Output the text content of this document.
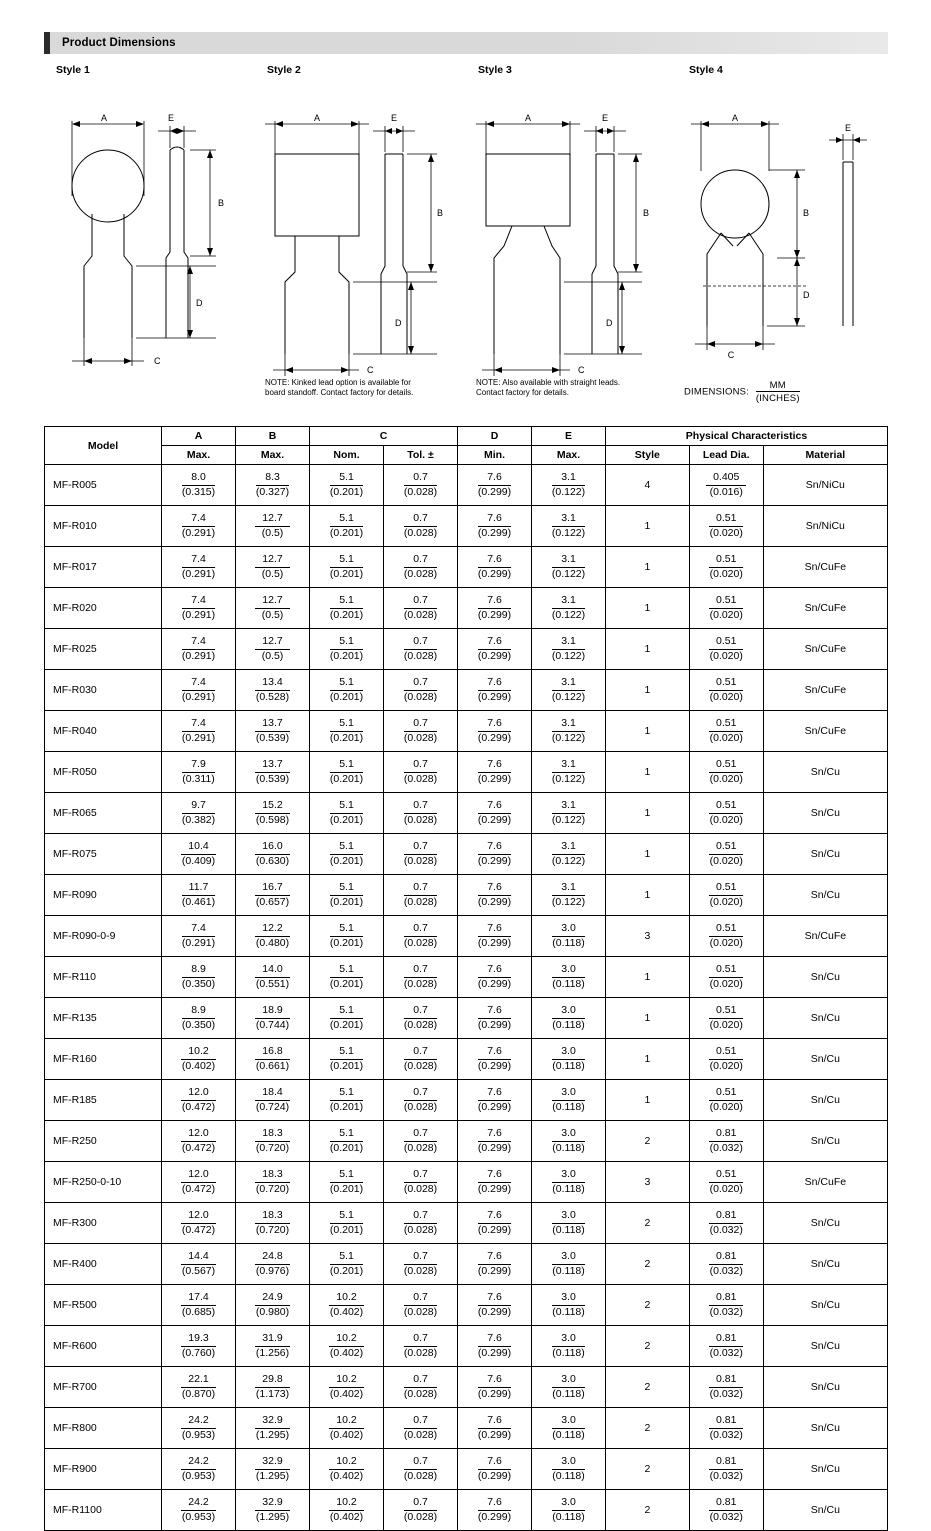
Product Dimensions
Style 1
A
C
E
B
D
Style 2
A
C
E
B
D
NOTE: Kinked lead option is available for board standoff. Contact factory for details.
Style 3
A
C
E
B
D
NOTE: Also available with straight leads. Contact factory for details.
Style 4
A
C
B
D
E
DIMENSIONS: $\frac{MM}{\text{(INCHES)}}$
Model	A	B	C		D	E	Physical Characteristics		
	Max.	Max.	Nom.	Tol. ±	Min.	Max.	Style	Lead Dia.	Material
MF-R005	$\frac{8.0}{(0.315)}$	$\frac{8.3}{(0.327)}$	$\frac{5.1}{(0.201)}$	$\frac{0.7}{(0.028)}$	$\frac{7.6}{(0.299)}$	$\frac{3.1}{(0.122)}$	4	$\frac{0.405}{(0.016)}$	Sn/NiCu
MF-R010	$\frac{7.4}{(0.291)}$	$\frac{12.7}{(0.5)}$	$\frac{5.1}{(0.201)}$	$\frac{0.7}{(0.028)}$	$\frac{7.6}{(0.299)}$	$\frac{3.1}{(0.122)}$	1	$\frac{0.51}{(0.020)}$	Sn/NiCu
MF-R017	$\frac{7.4}{(0.291)}$	$\frac{12.7}{(0.5)}$	$\frac{5.1}{(0.201)}$	$\frac{0.7}{(0.028)}$	$\frac{7.6}{(0.299)}$	$\frac{3.1}{(0.122)}$	1	$\frac{0.51}{(0.020)}$	Sn/CuFe
MF-R020	$\frac{7.4}{(0.291)}$	$\frac{12.7}{(0.5)}$	$\frac{5.1}{(0.201)}$	$\frac{0.7}{(0.028)}$	$\frac{7.6}{(0.299)}$	$\frac{3.1}{(0.122)}$	1	$\frac{0.51}{(0.020)}$	Sn/CuFe
MF-R025	$\frac{7.4}{(0.291)}$	$\frac{12.7}{(0.5)}$	$\frac{5.1}{(0.201)}$	$\frac{0.7}{(0.028)}$	$\frac{7.6}{(0.299)}$	$\frac{3.1}{(0.122)}$	1	$\frac{0.51}{(0.020)}$	Sn/CuFe
MF-R030	$\frac{7.4}{(0.291)}$	$\frac{13.4}{(0.528)}$	$\frac{5.1}{(0.201)}$	$\frac{0.7}{(0.028)}$	$\frac{7.6}{(0.299)}$	$\frac{3.1}{(0.122)}$	1	$\frac{0.51}{(0.020)}$	Sn/CuFe
MF-R040	$\frac{7.4}{(0.291)}$	$\frac{13.7}{(0.539)}$	$\frac{5.1}{(0.201)}$	$\frac{0.7}{(0.028)}$	$\frac{7.6}{(0.299)}$	$\frac{3.1}{(0.122)}$	1	$\frac{0.51}{(0.020)}$	Sn/CuFe
MF-R050	$\frac{7.9}{(0.311)}$	$\frac{13.7}{(0.539)}$	$\frac{5.1}{(0.201)}$	$\frac{0.7}{(0.028)}$	$\frac{7.6}{(0.299)}$	$\frac{3.1}{(0.122)}$	1	$\frac{0.51}{(0.020)}$	Sn/Cu
MF-R065	$\frac{9.7}{(0.382)}$	$\frac{15.2}{(0.598)}$	$\frac{5.1}{(0.201)}$	$\frac{0.7}{(0.028)}$	$\frac{7.6}{(0.299)}$	$\frac{3.1}{(0.122)}$	1	$\frac{0.51}{(0.020)}$	Sn/Cu
MF-R075	$\frac{10.4}{(0.409)}$	$\frac{16.0}{(0.630)}$	$\frac{5.1}{(0.201)}$	$\frac{0.7}{(0.028)}$	$\frac{7.6}{(0.299)}$	$\frac{3.1}{(0.122)}$	1	$\frac{0.51}{(0.020)}$	Sn/Cu
MF-R090	$\frac{11.7}{(0.461)}$	$\frac{16.7}{(0.657)}$	$\frac{5.1}{(0.201)}$	$\frac{0.7}{(0.028)}$	$\frac{7.6}{(0.299)}$	$\frac{3.1}{(0.122)}$	1	$\frac{0.51}{(0.020)}$	Sn/Cu
MF-R090-0-9	$\frac{7.4}{(0.291)}$	$\frac{12.2}{(0.480)}$	$\frac{5.1}{(0.201)}$	$\frac{0.7}{(0.028)}$	$\frac{7.6}{(0.299)}$	$\frac{3.0}{(0.118)}$	3	$\frac{0.51}{(0.020)}$	Sn/CuFe
MF-R110	$\frac{8.9}{(0.350)}$	$\frac{14.0}{(0.551)}$	$\frac{5.1}{(0.201)}$	$\frac{0.7}{(0.028)}$	$\frac{7.6}{(0.299)}$	$\frac{3.0}{(0.118)}$	1	$\frac{0.51}{(0.020)}$	Sn/Cu
MF-R135	$\frac{8.9}{(0.350)}$	$\frac{18.9}{(0.744)}$	$\frac{5.1}{(0.201)}$	$\frac{0.7}{(0.028)}$	$\frac{7.6}{(0.299)}$	$\frac{3.0}{(0.118)}$	1	$\frac{0.51}{(0.020)}$	Sn/Cu
MF-R160	$\frac{10.2}{(0.402)}$	$\frac{16.8}{(0.661)}$	$\frac{5.1}{(0.201)}$	$\frac{0.7}{(0.028)}$	$\frac{7.6}{(0.299)}$	$\frac{3.0}{(0.118)}$	1	$\frac{0.51}{(0.020)}$	Sn/Cu
MF-R185	$\frac{12.0}{(0.472)}$	$\frac{18.4}{(0.724)}$	$\frac{5.1}{(0.201)}$	$\frac{0.7}{(0.028)}$	$\frac{7.6}{(0.299)}$	$\frac{3.0}{(0.118)}$	1	$\frac{0.51}{(0.020)}$	Sn/Cu
MF-R250	$\frac{12.0}{(0.472)}$	$\frac{18.3}{(0.720)}$	$\frac{5.1}{(0.201)}$	$\frac{0.7}{(0.028)}$	$\frac{7.6}{(0.299)}$	$\frac{3.0}{(0.118)}$	2	$\frac{0.81}{(0.032)}$	Sn/Cu
MF-R250-0-10	$\frac{12.0}{(0.472)}$	$\frac{18.3}{(0.720)}$	$\frac{5.1}{(0.201)}$	$\frac{0.7}{(0.028)}$	$\frac{7.6}{(0.299)}$	$\frac{3.0}{(0.118)}$	3	$\frac{0.51}{(0.020)}$	Sn/CuFe
MF-R300	$\frac{12.0}{(0.472)}$	$\frac{18.3}{(0.720)}$	$\frac{5.1}{(0.201)}$	$\frac{0.7}{(0.028)}$	$\frac{7.6}{(0.299)}$	$\frac{3.0}{(0.118)}$	2	$\frac{0.81}{(0.032)}$	Sn/Cu
MF-R400	$\frac{14.4}{(0.567)}$	$\frac{24.8}{(0.976)}$	$\frac{5.1}{(0.201)}$	$\frac{0.7}{(0.028)}$	$\frac{7.6}{(0.299)}$	$\frac{3.0}{(0.118)}$	2	$\frac{0.81}{(0.032)}$	Sn/Cu
MF-R500	$\frac{17.4}{(0.685)}$	$\frac{24.9}{(0.980)}$	$\frac{10.2}{(0.402)}$	$\frac{0.7}{(0.028)}$	$\frac{7.6}{(0.299)}$	$\frac{3.0}{(0.118)}$	2	$\frac{0.81}{(0.032)}$	Sn/Cu
MF-R600	$\frac{19.3}{(0.760)}$	$\frac{31.9}{(1.256)}$	$\frac{10.2}{(0.402)}$	$\frac{0.7}{(0.028)}$	$\frac{7.6}{(0.299)}$	$\frac{3.0}{(0.118)}$	2	$\frac{0.81}{(0.032)}$	Sn/Cu
MF-R700	$\frac{22.1}{(0.870)}$	$\frac{29.8}{(1.173)}$	$\frac{10.2}{(0.402)}$	$\frac{0.7}{(0.028)}$	$\frac{7.6}{(0.299)}$	$\frac{3.0}{(0.118)}$	2	$\frac{0.81}{(0.032)}$	Sn/Cu
MF-R800	$\frac{24.2}{(0.953)}$	$\frac{32.9}{(1.295)}$	$\frac{10.2}{(0.402)}$	$\frac{0.7}{(0.028)}$	$\frac{7.6}{(0.299)}$	$\frac{3.0}{(0.118)}$	2	$\frac{0.81}{(0.032)}$	Sn/Cu
MF-R900	$\frac{24.2}{(0.953)}$	$\frac{32.9}{(1.295)}$	$\frac{10.2}{(0.402)}$	$\frac{0.7}{(0.028)}$	$\frac{7.6}{(0.299)}$	$\frac{3.0}{(0.118)}$	2	$\frac{0.81}{(0.032)}$	Sn/Cu
MF-R1100	$\frac{24.2}{(0.953)}$	$\frac{32.9}{(1.295)}$	$\frac{10.2}{(0.402)}$	$\frac{0.7}{(0.028)}$	$\frac{7.6}{(0.299)}$	$\frac{3.0}{(0.118)}$	2	$\frac{0.81}{(0.032)}$	Sn/Cu
